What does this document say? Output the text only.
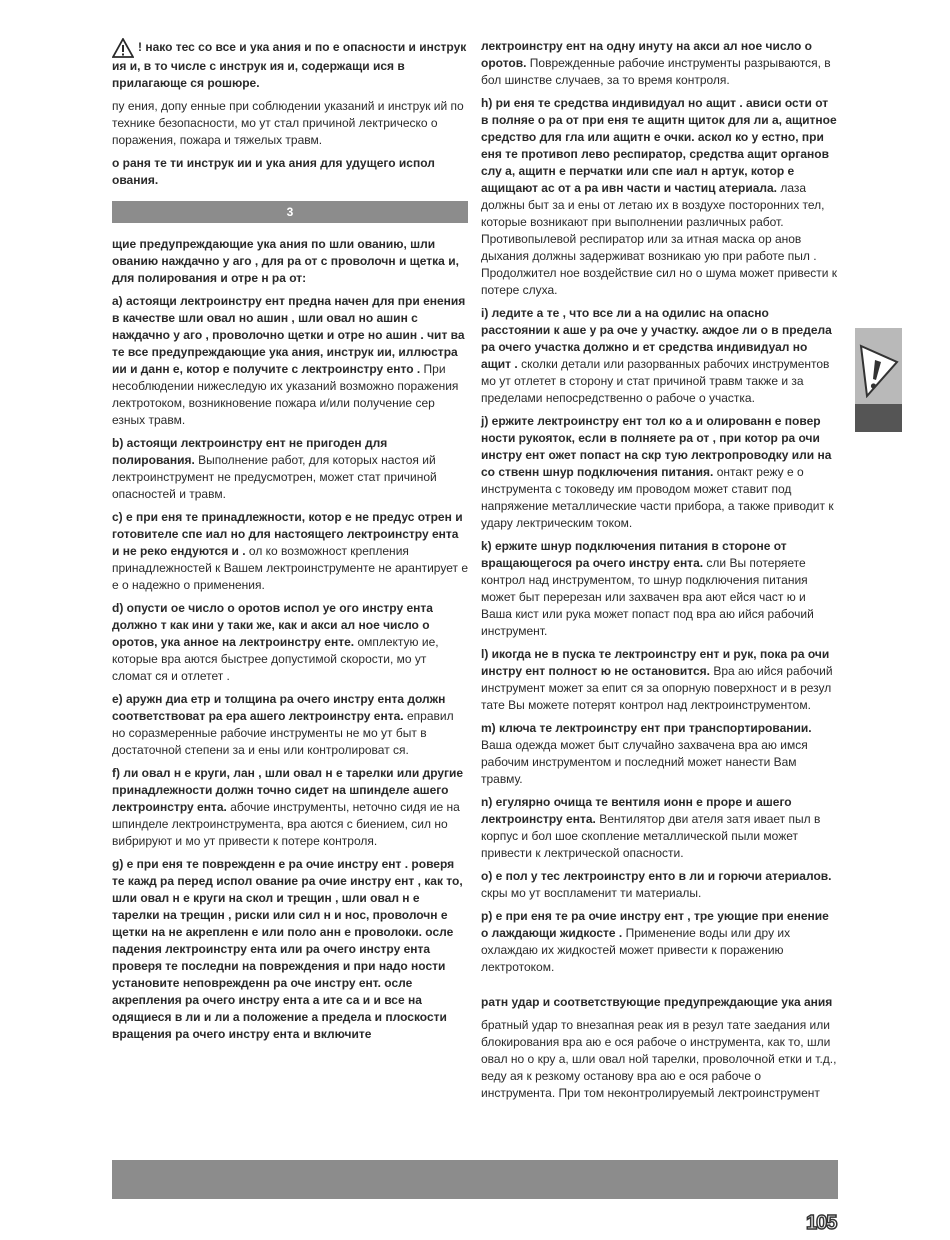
! нако тес со все и ука ания и по е опасности и инструк ия и, в то числе с инструк ия и, содержащи ися в прилагающе ся рошюре.

пу ения, допу енные при соблюдении указаний и инструк ий по технике безопасности, мо ут стал причиной лектрическо о поражения, пожара и тяжелых травм.

о раня те ти инструк ии и ука ания для удущего испол ования.

3

щие предупреждающие ука ания по шли ованию, шли ованию наждачно у аго , для ра от с проволочн и щетка и, для полирования и отре н ра от:

a) астоящи лектроинстру ент предна начен для при енения в качестве шли овал но ашин , шли овал но ашин с наждачно у аго , проволочно щетки и отре но ашин . чит ва те все предупреждающие ука ания, инструк ии, иллюстра ии и данн е, котор е получите с лектроинстру енто . При несоблюдении нижеследую их указаний возможно поражения лектротоком, возникновение пожара и/или получение сер езных травм.

b) астоящи лектроинстру ент не пригоден для полирования. Выполнение работ, для которых настоя ий лектроинструмент не предусмотрен, может стат причиной опасностей и травм.

c) е при еня те принадлежности, котор е не предус отрен и готовителе спе иал но для настоящего лектроинстру ента и не реко ендуются и . ол ко возможност крепления принадлежностей к Вашем лектроинструменте не арантирует е е о надежно о применения.

d) опусти ое число о оротов испол уе ого инстру ента должно т как ини у таки же, как и акси ал ное число о оротов, ука анное на лектроинстру енте. омплектую ие, которые вра аются быстрее допустимой скорости, мо ут сломат ся и отлетет .

e) аружн диа етр и толщина ра очего инстру ента должн соответствоват ра ера ашего лектроинстру ента. еправил но соразмеренные рабочие инструменты не мо ут быт в достаточной степени за и ены или контролироват ся.

f) ли овал н е круги, лан , шли овал н е тарелки или другие принадлежности должн точно сидет на шпинделе ашего лектроинстру ента. абочие инструменты, неточно сидя ие на шпинделе лектроинструмента, вра аются с биением, сил но вибрируют и мо ут привести к потере контроля.

g) е при еня те поврежденн е ра очие инстру ент . роверя те кажд ра перед испол ование ра очие инстру ент , как то, шли овал н е круги на скол и трещин , шли овал н е тарелки на трещин , риски или сил н и нос, проволочн е щетки на не акрепленн е или поло анн е проволоки. осле падения лектроинстру ента или ра очего инстру ента проверя те последни на повреждения и при надо ности установите неповрежденн ра оче инстру ент. осле акрепления ра очего инстру ента а ите са и и все на одящиеся в ли и ли а положение а предела и плоскости вращения ра очего инстру ента и включите

лектроинстру ент на одну инуту на акси ал ное число о оротов. Поврежденные рабочие инструменты разрываются, в бол шинстве случаев, за то время контроля.

h) ри еня те средства индивидуал но ащит . ависи ости от в полняе о ра от при еня те ащитн щиток для ли а, ащитное средство для гла или ащитн е очки. аскол ко у естно, при еня те противоп лево респиратор, средства ащит органов слу а, ащитн е перчатки или спе иал н артук, котор е ащищают ас от а ра ивн части и частиц атериала. лаза должны быт за и ены от летаю их в воздухе посторонних тел, которые возникают при выполнении различных работ. Противопылевой респиратор или за итная маска ор анов дыхания должны задерживат возникаю ую при работе пыл . Продолжител ное воздействие сил но о шума может привести к потере слуха.

i) ледите а те , что все ли а на одилис на опасно расстоянии к аше у ра оче у участку. аждое ли о в предела ра очего участка должно и ет средства индивидуал но ащит . сколки детали или разорванных рабочих инструментов мо ут отлетет в сторону и стат причиной травм также и за пределами непосредственно о рабоче о участка.

j) ержите лектроинстру ент тол ко а и олированн е повер ности рукояток, если в полняете ра от , при котор ра очи инстру ент ожет попаст на скр тую лектропроводку или на со ственн шнур подключения питания. онтакт режу е о инструмента с токоведу им проводом может ставит под напряжение металлические части прибора, а также приводит к удару лектрическим током.

k) ержите шнур подключения питания в стороне от вращающегося ра очего инстру ента. сли Вы потеряете контрол над инструментом, то шнур подключения питания может быт перерезан или захвачен вра ают ейся част ю и Ваша кист или рука может попаст под вра аю ийся рабочий инструмент.

l) икогда не в пуска те лектроинстру ент и рук, пока ра очи инстру ент полност ю не остановится. Вра аю ийся рабочий инструмент может за епит ся за опорную поверхност и в резул тате Вы можете потерят контрол над лектроинструментом.

m) ключа те лектроинстру ент при транспортировании. Ваша одежда может быт случайно захвачена вра аю имся рабочим инструментом и последний может нанести Вам травму.

n) егулярно очища те вентиля ионн е проре и ашего лектроинстру ента. Вентилятор дви ателя затя ивает пыл в корпус и бол шое скопление металлической пыли может привести к лектрической опасности.

o) е пол у тес лектроинстру енто в ли и горючи атериалов. скры мо ут воспламенит ти материалы.

p) е при еня те ра очие инстру ент , тре ующие при енение о лаждающи жидкосте . Применение воды или дру их охлаждаю их жидкостей может привести к поражению лектротоком.

ратн удар и соответствующие предупреждающие ука ания

братный удар то внезапная реак ия в резул тате заедания или блокирования вра аю е ося рабоче о инструмента, как то, шли овал но о кру а, шли овал ной тарелки, проволочной етки и т.д., веду ая к резкому останову вра аю е ося рабоче о инструмента. При том неконтролируемый лектроинструмент

105
